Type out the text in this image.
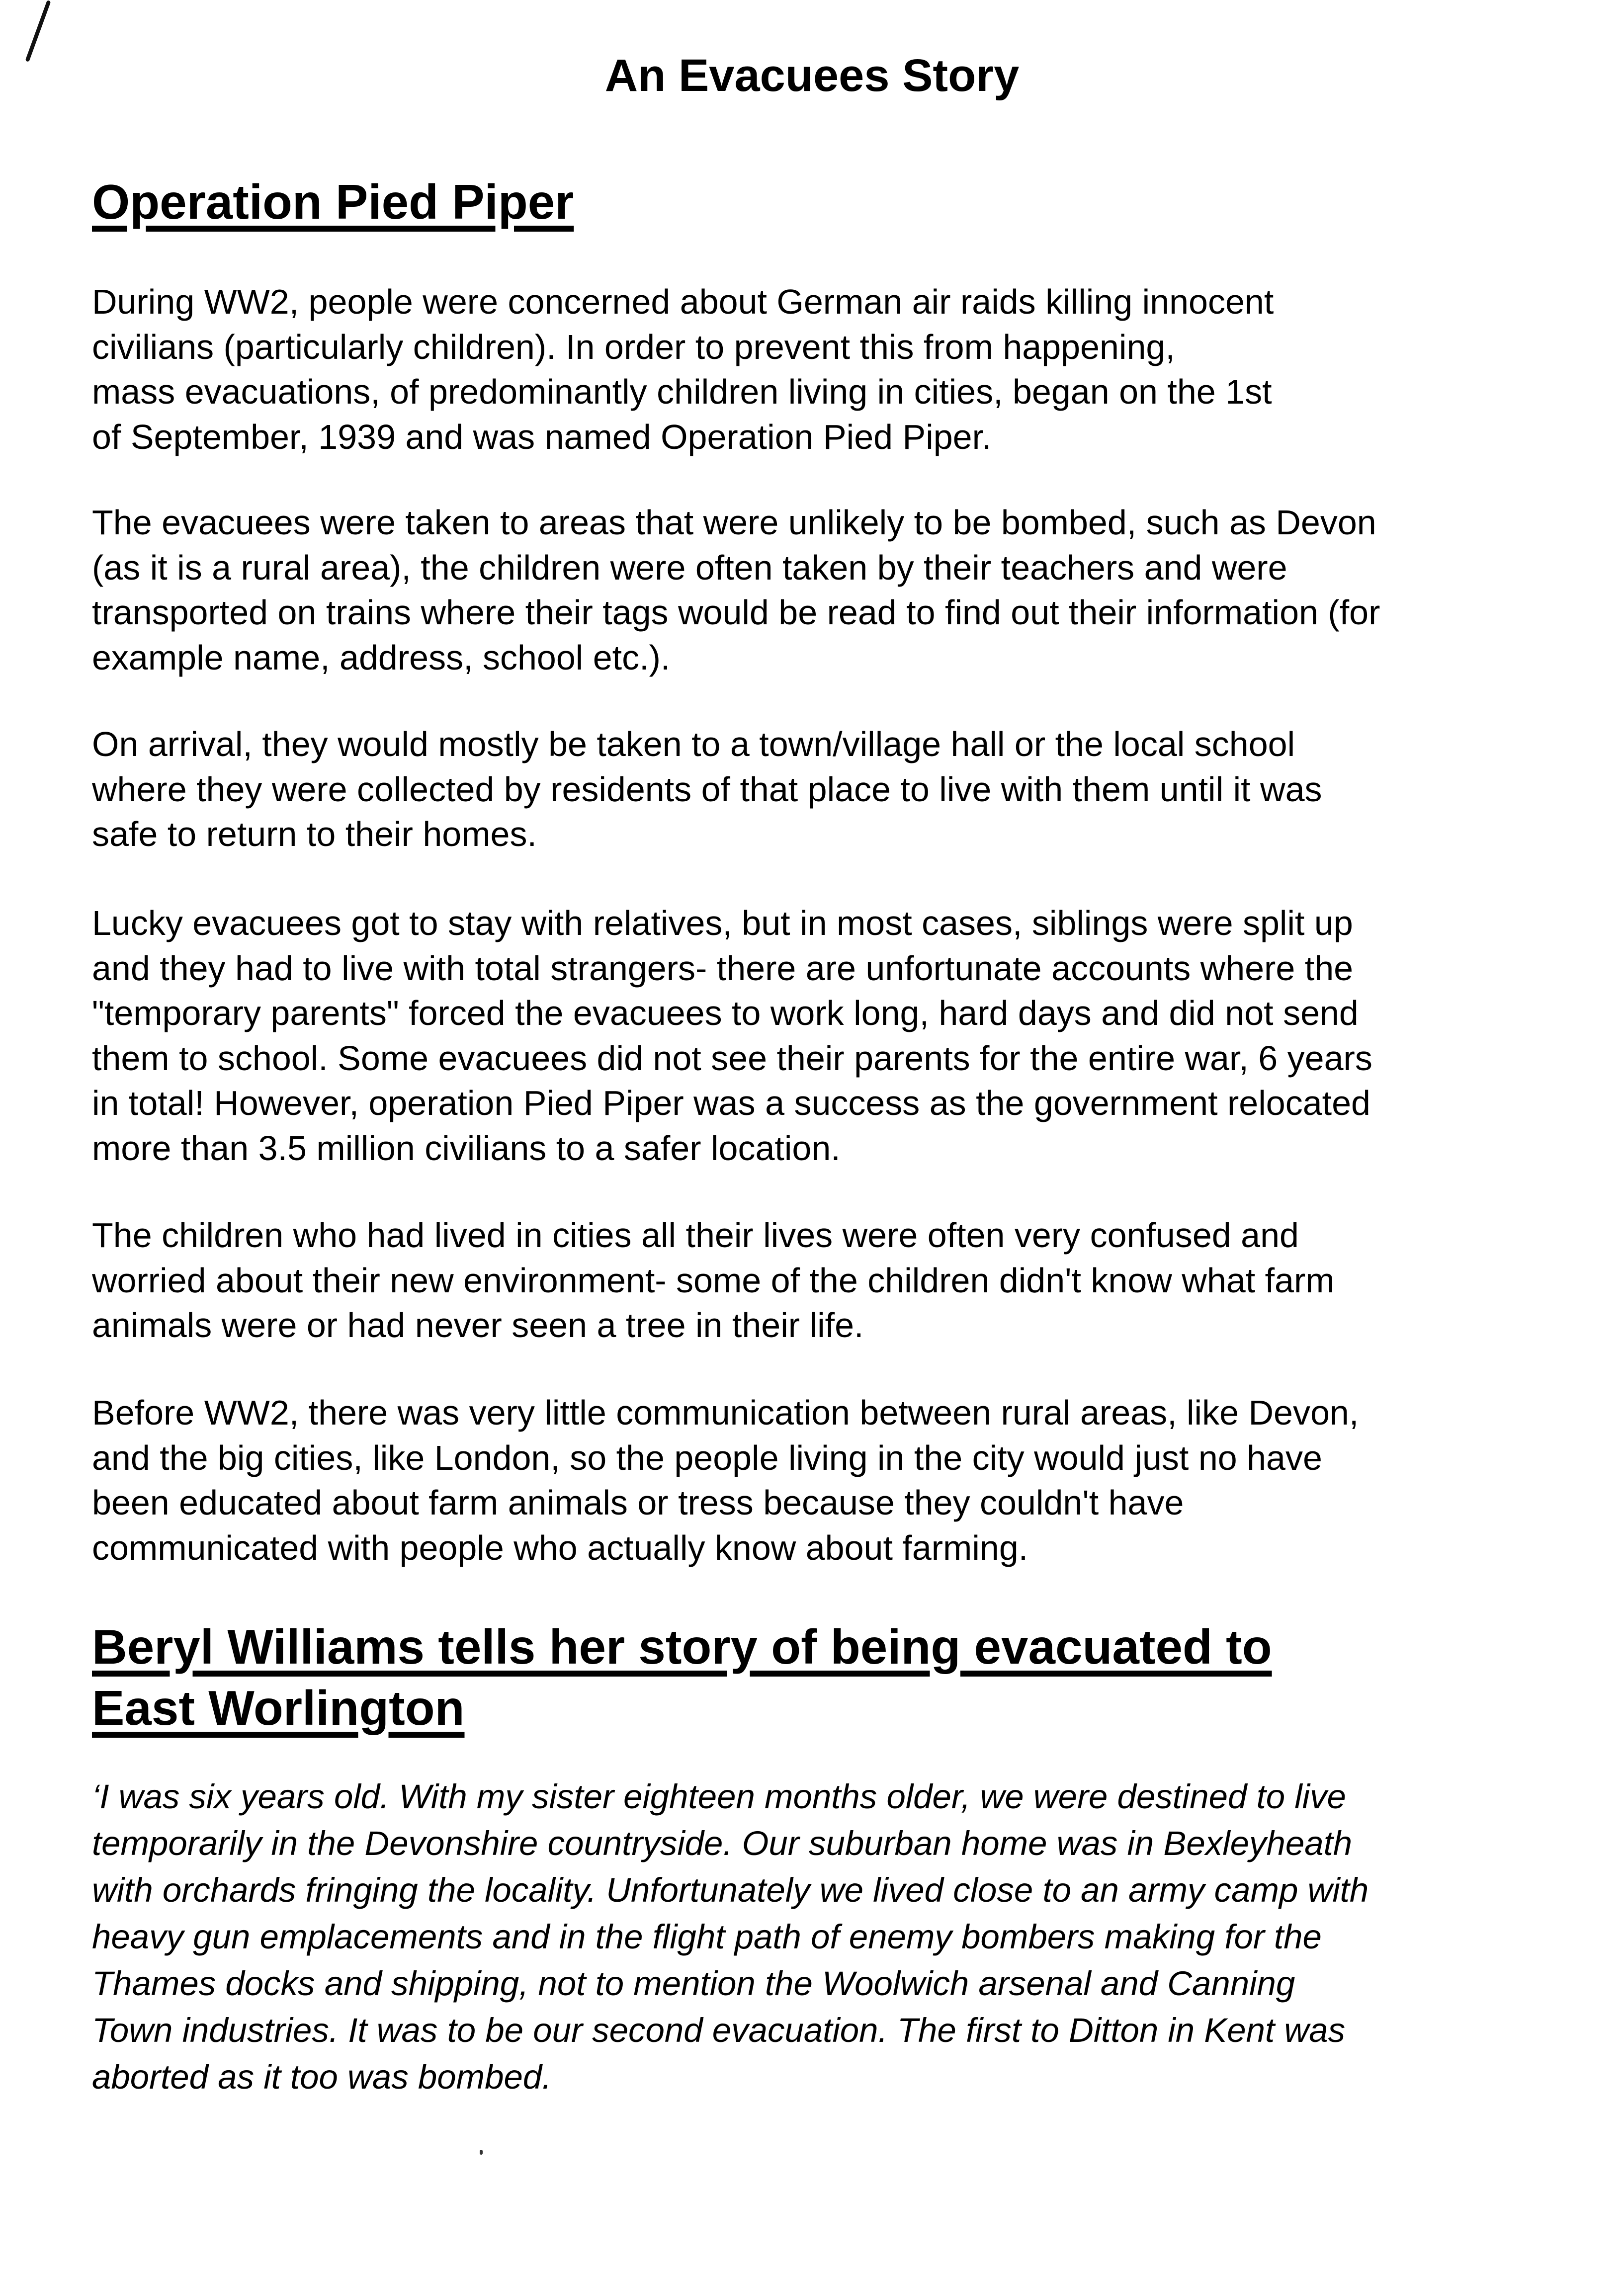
An Evacuees Story
Operation Pied Piper
During WW2, people were concerned about German air raids killing innocent
civilians (particularly children). In order to prevent this from happening,
mass evacuations, of predominantly children living in cities, began on the 1st
of September, 1939 and was named Operation Pied Piper.
The evacuees were taken to areas that were unlikely to be bombed, such as Devon
(as it is a rural area), the children were often taken by their teachers and were
transported on trains where their tags would be read to find out their information (for
example name, address, school etc.).
On arrival, they would mostly be taken to a town/village hall or the local school
where they were collected by residents of that place to live with them until it was
safe to return to their homes.
Lucky evacuees got to stay with relatives, but in most cases, siblings were split up
and they had to live with total strangers- there are unfortunate accounts where the
"temporary parents" forced the evacuees to work long, hard days and did not send
them to school. Some evacuees did not see their parents for the entire war, 6 years
in total! However, operation Pied Piper was a success as the government relocated
more than 3.5 million civilians to a safer location.
The children who had lived in cities all their lives were often very confused and
worried about their new environment- some of the children didn't know what farm
animals were or had never seen a tree in their life.
Before WW2, there was very little communication between rural areas, like Devon,
and the big cities, like London, so the people living in the city would just no have
been educated about farm animals or tress because they couldn't have
communicated with people who actually know about farming.
Beryl Williams tells her story of being evacuated to
East Worlington
‘I was six years old. With my sister eighteen months older, we were destined to live
temporarily in the Devonshire countryside. Our suburban home was in Bexleyheath
with orchards fringing the locality. Unfortunately we lived close to an army camp with
heavy gun emplacements and in the flight path of enemy bombers making for the
Thames docks and shipping, not to mention the Woolwich arsenal and Canning
Town industries. It was to be our second evacuation. The first to Ditton in Kent was
aborted as it too was bombed.
